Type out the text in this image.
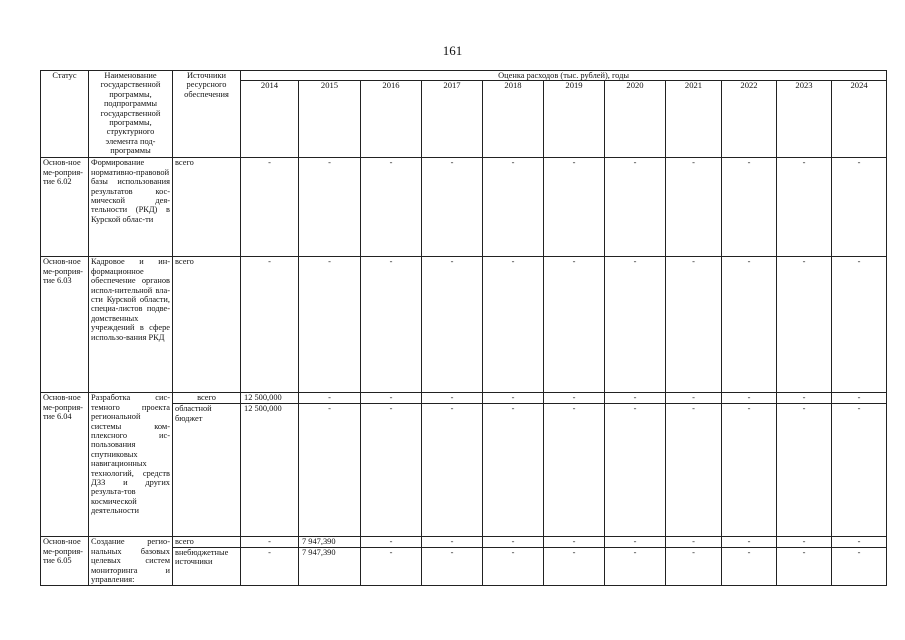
161
Статус	Наименование государственной программы, подпрограммы государственной программы, структурного элемента под-программы	Источники ресурсного обеспечения	Оценка расходов (тыс. рублей), годы										
			2014	2015	2016	2017	2018	2019	2020	2021	2022	2023	2024
Основ-ное ме-роприя-тие 6.02	Формирование нормативно-правовой базы использования результатов кос-мической дея-тельности (РКД) в Курской облас-ти	всего	-	-	-	-	-	-	-	-	-	-	-
Основ-ное ме-роприя-тие 6.03	Кадровое и ин-формационное обеспечение органов испол-нительной вла-сти Курской области, специа-листов подве-домственных учреждений в сфере использо-вания РКД	всего	-	-	-	-	-	-	-	-	-	-	-
Основ-ное ме-роприя-тие 6.04	Разработка сис-темного проекта региональной системы ком-плексного ис-пользования спутниковых навигационных технологий, средств ДЗЗ и других результа-тов космической деятельности	всего	12 500,000	-	-	-	-	-	-	-	-	-	-
		областной бюджет	12 500,000	-	-	-	-	-	-	-	-	-	-
Основ-ное ме-роприя-тие 6.05	Создание регио-нальных базовых целевых систем мониторинга и управления:	всего	-	7 947,390	-	-	-	-	-	-	-	-	-
		внебюджетные источники	-	7 947,390	-	-	-	-	-	-	-	-	-
